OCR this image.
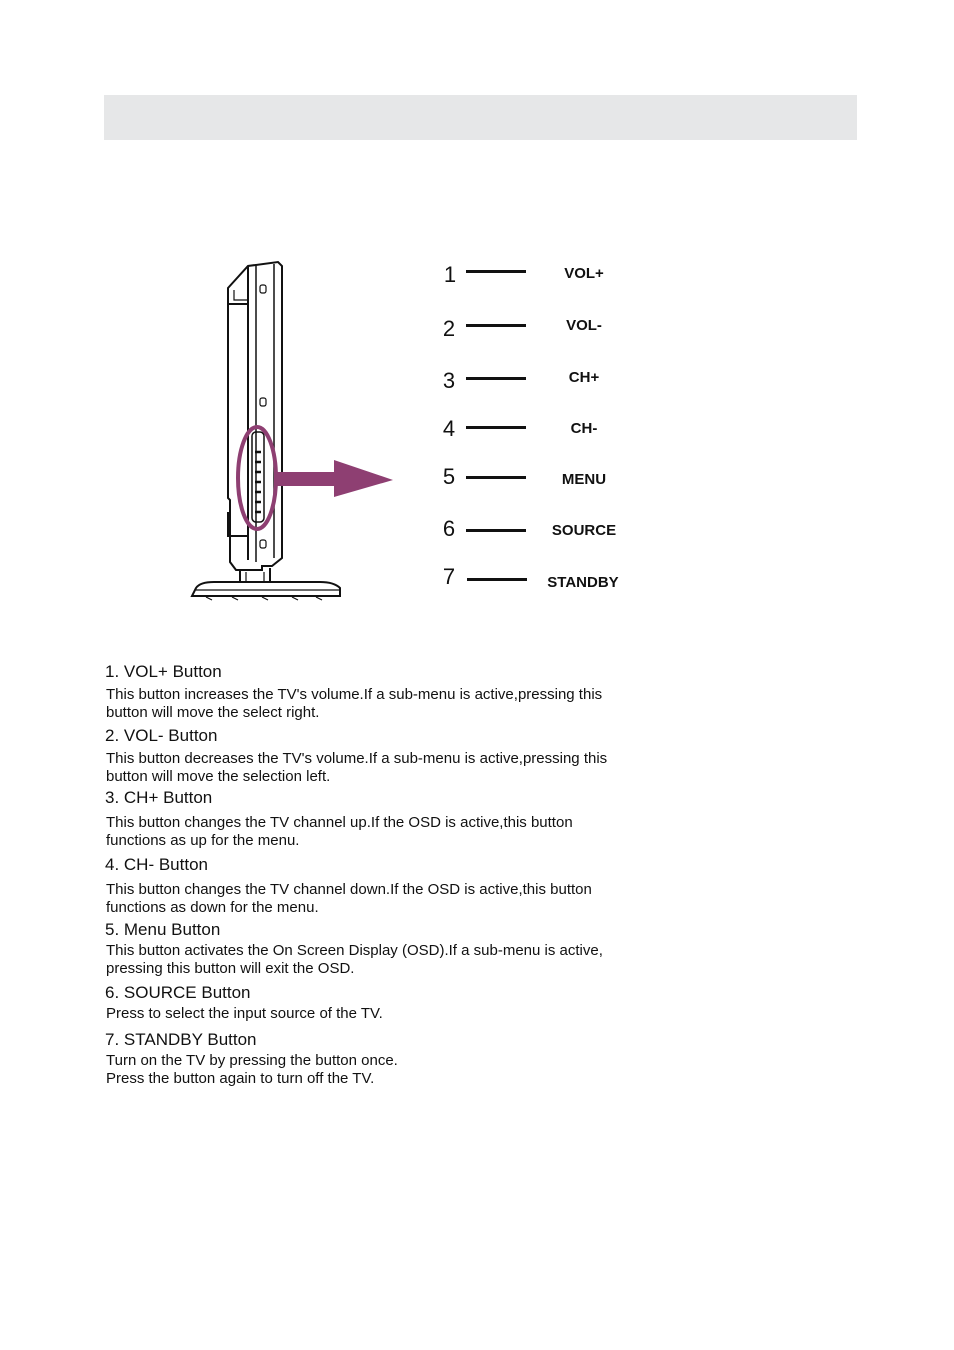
1	VOL+
2	VOL-
3	CH+
4	CH-
5	MENU
6	SOURCE
7	STANDBY

1. VOL+ Button

This button increases the TV's volume.If a sub-menu is active,pressing this
button will move the select right.

2. VOL- Button

This button decreases the TV's volume.If a sub-menu is active,pressing this
button will move the selection left.

3. CH+ Button

This button changes the TV channel up.If the OSD is active,this button
functions as up for the menu.

4. CH- Button

This button changes the TV channel down.If the OSD is active,this button
functions as down for the menu.

5. Menu Button

This button activates the On Screen Display (OSD).If a sub-menu is active,
pressing this button will exit the OSD.

6. SOURCE Button

Press to select the input source of the TV.

7. STANDBY Button

Turn on the TV by pressing the button once.
Press the button again to turn off the TV.
